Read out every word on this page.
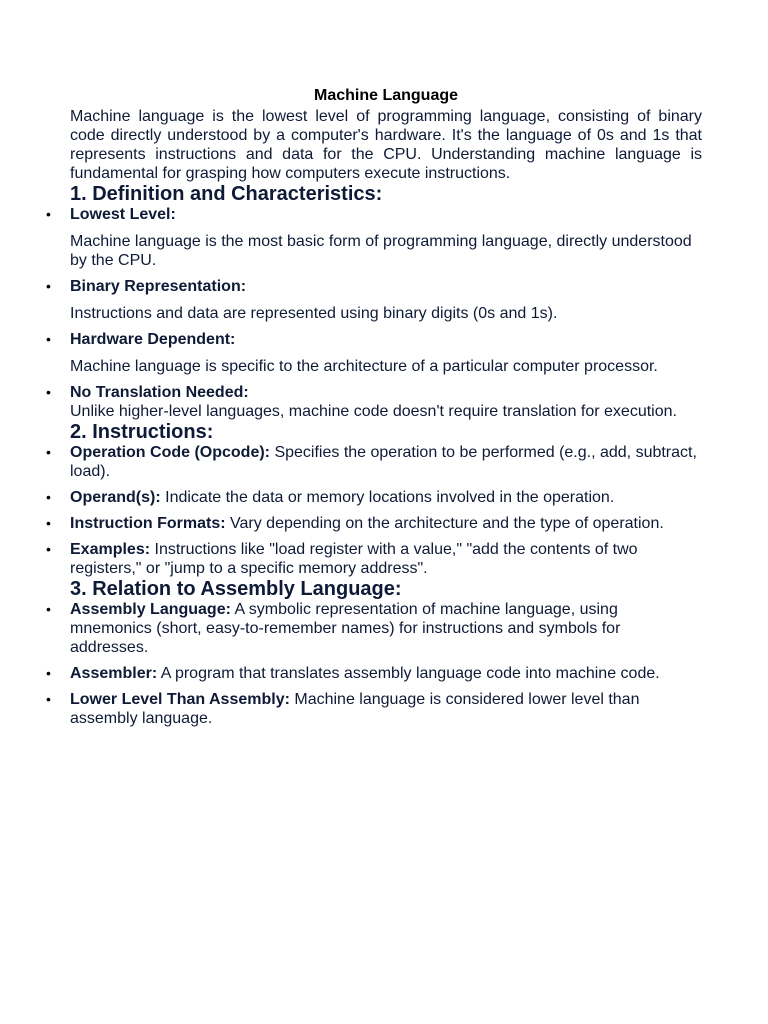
Machine Language

Machine language is the lowest level of programming language, consisting of binary code directly understood by a computer's hardware. It's the language of 0s and 1s that represents instructions and data for the CPU. Understanding machine language is fundamental for grasping how computers execute instructions.

1. Definition and Characteristics:
• Lowest Level:
Machine language is the most basic form of programming language, directly understood by the CPU.
• Binary Representation:
Instructions and data are represented using binary digits (0s and 1s).
• Hardware Dependent:
Machine language is specific to the architecture of a particular computer processor.
• No Translation Needed:
Unlike higher-level languages, machine code doesn't require translation for execution.
2. Instructions:
• Operation Code (Opcode): Specifies the operation to be performed (e.g., add, subtract, load).
• Operand(s): Indicate the data or memory locations involved in the operation.
• Instruction Formats: Vary depending on the architecture and the type of operation.
• Examples: Instructions like "load register with a value," "add the contents of two registers," or "jump to a specific memory address".
3. Relation to Assembly Language:
• Assembly Language: A symbolic representation of machine language, using mnemonics (short, easy-to-remember names) for instructions and symbols for addresses.
• Assembler: A program that translates assembly language code into machine code.
• Lower Level Than Assembly: Machine language is considered lower level than assembly language.
